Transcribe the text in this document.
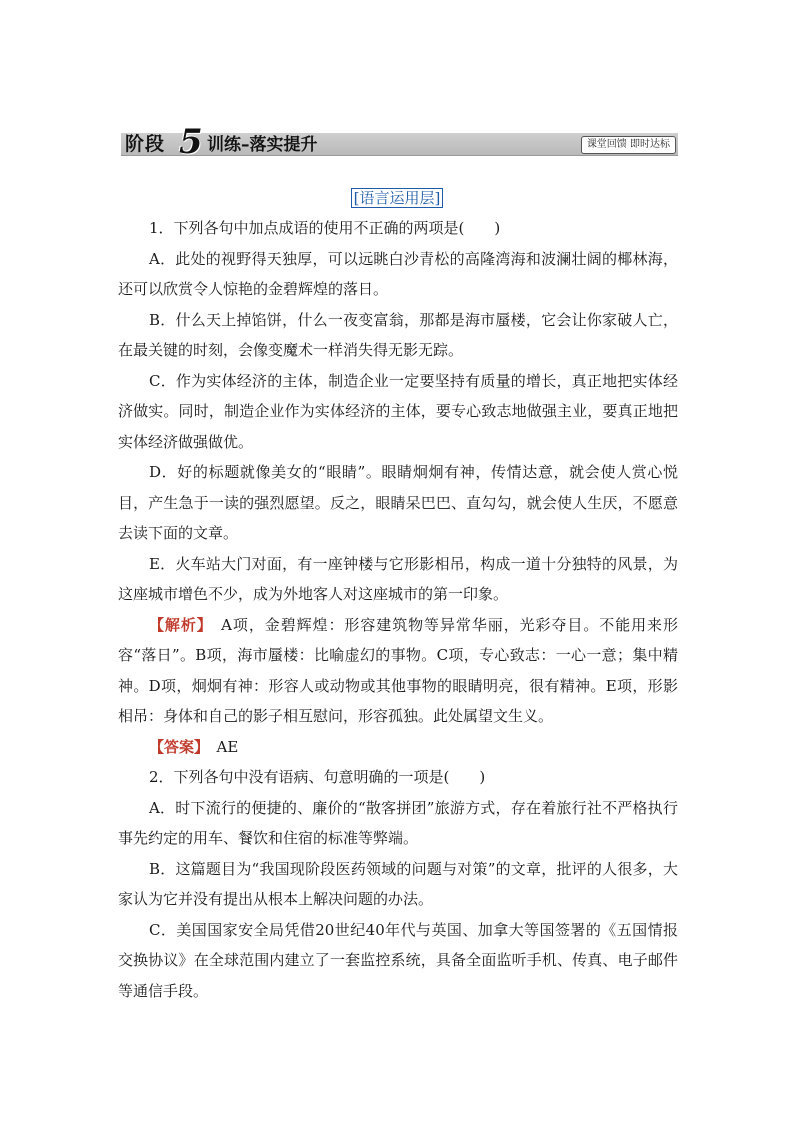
阶段 5 训练–落实提升	课堂回馈 即时达标
[语言运用层]

1．下列各句中加点成语的使用不正确的两项是(　　)

A．此处的视野得天独厚，可以远眺白沙青松的高隆湾海和波澜壮阔的椰林海，还可以欣赏令人惊艳的金碧辉煌的落日。

B．什么天上掉馅饼，什么一夜变富翁，那都是海市蜃楼，它会让你家破人亡，在最关键的时刻，会像变魔术一样消失得无影无踪。

C．作为实体经济的主体，制造企业一定要坚持有质量的增长，真正地把实体经济做实。同时，制造企业作为实体经济的主体，要专心致志地做强主业，要真正地把实体经济做强做优。

D．好的标题就像美女的“眼睛”。眼睛炯炯有神，传情达意，就会使人赏心悦目，产生急于一读的强烈愿望。反之，眼睛呆巴巴、直勾勾，就会使人生厌，不愿意去读下面的文章。

E．火车站大门对面，有一座钟楼与它形影相吊，构成一道十分独特的风景，为这座城市增色不少，成为外地客人对这座城市的第一印象。

【解析】　A项，金碧辉煌：形容建筑物等异常华丽，光彩夺目。不能用来形容“落日”。B项，海市蜃楼：比喻虚幻的事物。C项，专心致志：一心一意；集中精神。D项，炯炯有神：形容人或动物或其他事物的眼睛明亮，很有精神。E项，形影相吊：身体和自己的影子相互慰问，形容孤独。此处属望文生义。

【答案】　AE

2．下列各句中没有语病、句意明确的一项是(　　)

A．时下流行的便捷的、廉价的“散客拼团”旅游方式，存在着旅行社不严格执行事先约定的用车、餐饮和住宿的标准等弊端。

B．这篇题目为“我国现阶段医药领域的问题与对策”的文章，批评的人很多，大家认为它并没有提出从根本上解决问题的办法。

C．美国国家安全局凭借20世纪40年代与英国、加拿大等国签署的《五国情报交换协议》在全球范围内建立了一套监控系统，具备全面监听手机、传真、电子邮件等通信手段。
